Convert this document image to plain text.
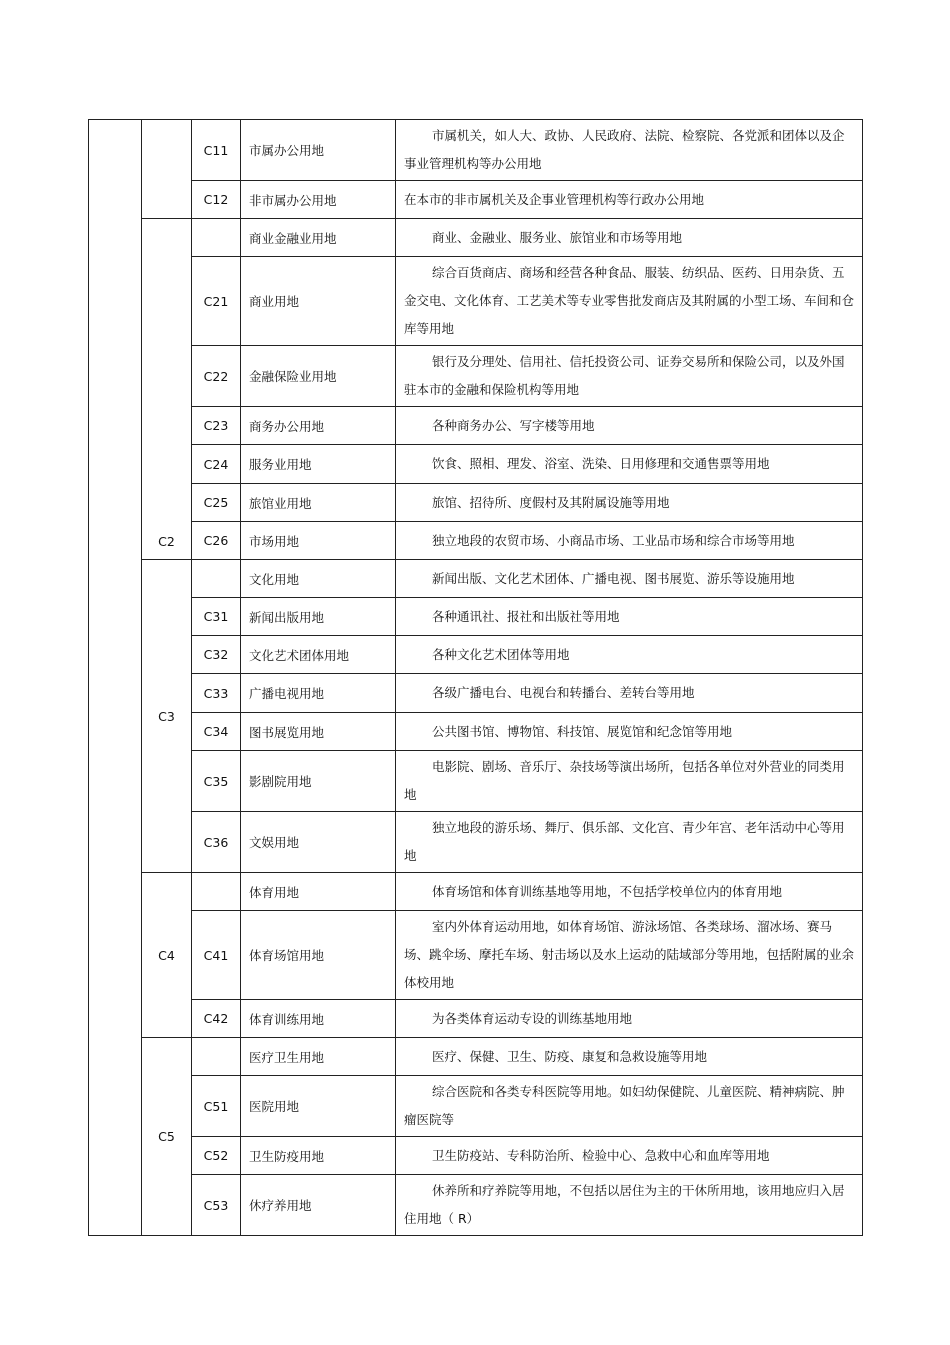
		C11	市属办公用地	市属机关，如人大、政协、人民政府、法院、检察院、各党派和团体以及企事业管理机构等办公用地
		C12	非市属办公用地	在本市的非市属机关及企事业管理机构等行政办公用地
	C2		商业金融业用地	商业、金融业、服务业、旅馆业和市场等用地
		C21	商业用地	综合百货商店、商场和经营各种食品、服装、纺织品、医药、日用杂货、五金交电、文化体育、工艺美术等专业零售批发商店及其附属的小型工场、车间和仓库等用地
		C22	金融保险业用地	银行及分理处、信用社、信托投资公司、证券交易所和保险公司，以及外国驻本市的金融和保险机构等用地
		C23	商务办公用地	各种商务办公、写字楼等用地
		C24	服务业用地	饮食、照相、理发、浴室、洗染、日用修理和交通售票等用地
		C25	旅馆业用地	旅馆、招待所、度假村及其附属设施等用地
		C26	市场用地	独立地段的农贸市场、小商品市场、工业品市场和综合市场等用地
	C3		文化用地	新闻出版、文化艺术团体、广播电视、图书展览、游乐等设施用地
		C31	新闻出版用地	各种通讯社、报社和出版社等用地
		C32	文化艺术团体用地	各种文化艺术团体等用地
		C33	广播电视用地	各级广播电台、电视台和转播台、差转台等用地
		C34	图书展览用地	公共图书馆、博物馆、科技馆、展览馆和纪念馆等用地
		C35	影剧院用地	电影院、剧场、音乐厅、杂技场等演出场所，包括各单位对外营业的同类用地
		C36	文娱用地	独立地段的游乐场、舞厅、俱乐部、文化宫、青少年宫、老年活动中心等用地
	C4		体育用地	体育场馆和体育训练基地等用地，不包括学校单位内的体育用地
		C41	体育场馆用地	室内外体育运动用地，如体育场馆、游泳场馆、各类球场、溜冰场、赛马场、跳伞场、摩托车场、射击场以及水上运动的陆域部分等用地，包括附属的业余体校用地
		C42	体育训练用地	为各类体育运动专设的训练基地用地
	C5		医疗卫生用地	医疗、保健、卫生、防疫、康复和急救设施等用地
		C51	医院用地	综合医院和各类专科医院等用地。如妇幼保健院、儿童医院、精神病院、肿瘤医院等
		C52	卫生防疫用地	卫生防疫站、专科防治所、检验中心、急救中心和血库等用地
		C53	休疗养用地	休养所和疗养院等用地，不包括以居住为主的干休所用地，该用地应归入居住用地（ R）
